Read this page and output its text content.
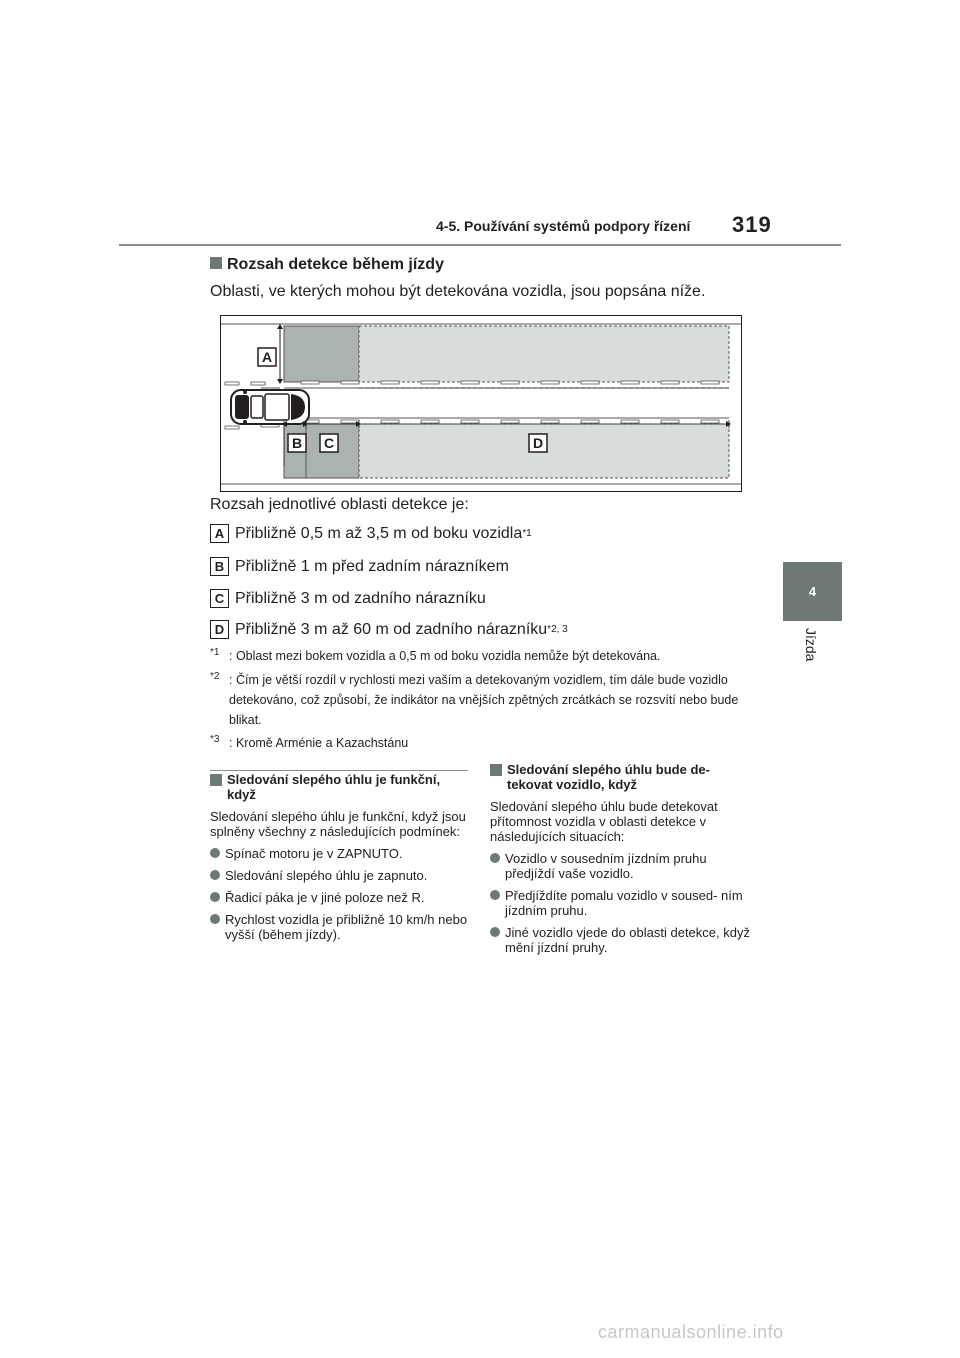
4-5. Používání systémů podpory řízení 319
4
Jízda
Rozsah detekce během jízdy
Oblasti, ve kterých mohou být detekována vozidla, jsou popsána níže.
A
B C	D
Rozsah jednotlivé oblasti detekce je:
A Přibližně 0,5 m až 3,5 m od boku vozidla *1
B Přibližně 1 m před zadním nárazníkem
C Přibližně 3 m od zadního nárazníku
D Přibližně 3 m až 60 m od zadního nárazníku *2, 3
$^{*1}$ : Oblast mezi bokem vozidla a 0,5 m od boku vozidla nemůže být detekována.
$^{*2}$ : Čím je větší rozdíl v rychlosti mezi vaším a detekovaným vozidlem, tím dále bude vozidlo detekováno, což způsobí, že indikátor na vnějších zpětných zrcátkách se rozsvítí nebo bude blikat.
$^{*3}$ : Kromě Arménie a Kazachstánu
Sledování slepého úhlu je funkční, když
Sledování slepého úhlu je funkční, když jsou splněny všechny z následujících podmínek:
Spínač motoru je v ZAPNUTO.
Sledování slepého úhlu je zapnuto.
Řadicí páka je v jiné poloze než R.
Rychlost vozidla je přibližně 10 km/h nebo vyšší (během jízdy).
Sledování slepého úhlu bude de- tekovat vozidlo, když
Sledování slepého úhlu bude detekovat přítomnost vozidla v oblasti detekce v následujících situacích:
Vozidlo v sousedním jízdním pruhu předjíždí vaše vozidlo.
Předjíždíte pomalu vozidlo v soused- ním jízdním pruhu.
Jiné vozidlo vjede do oblasti detekce, když mění jízdní pruhy.
carmanualsonline.info
